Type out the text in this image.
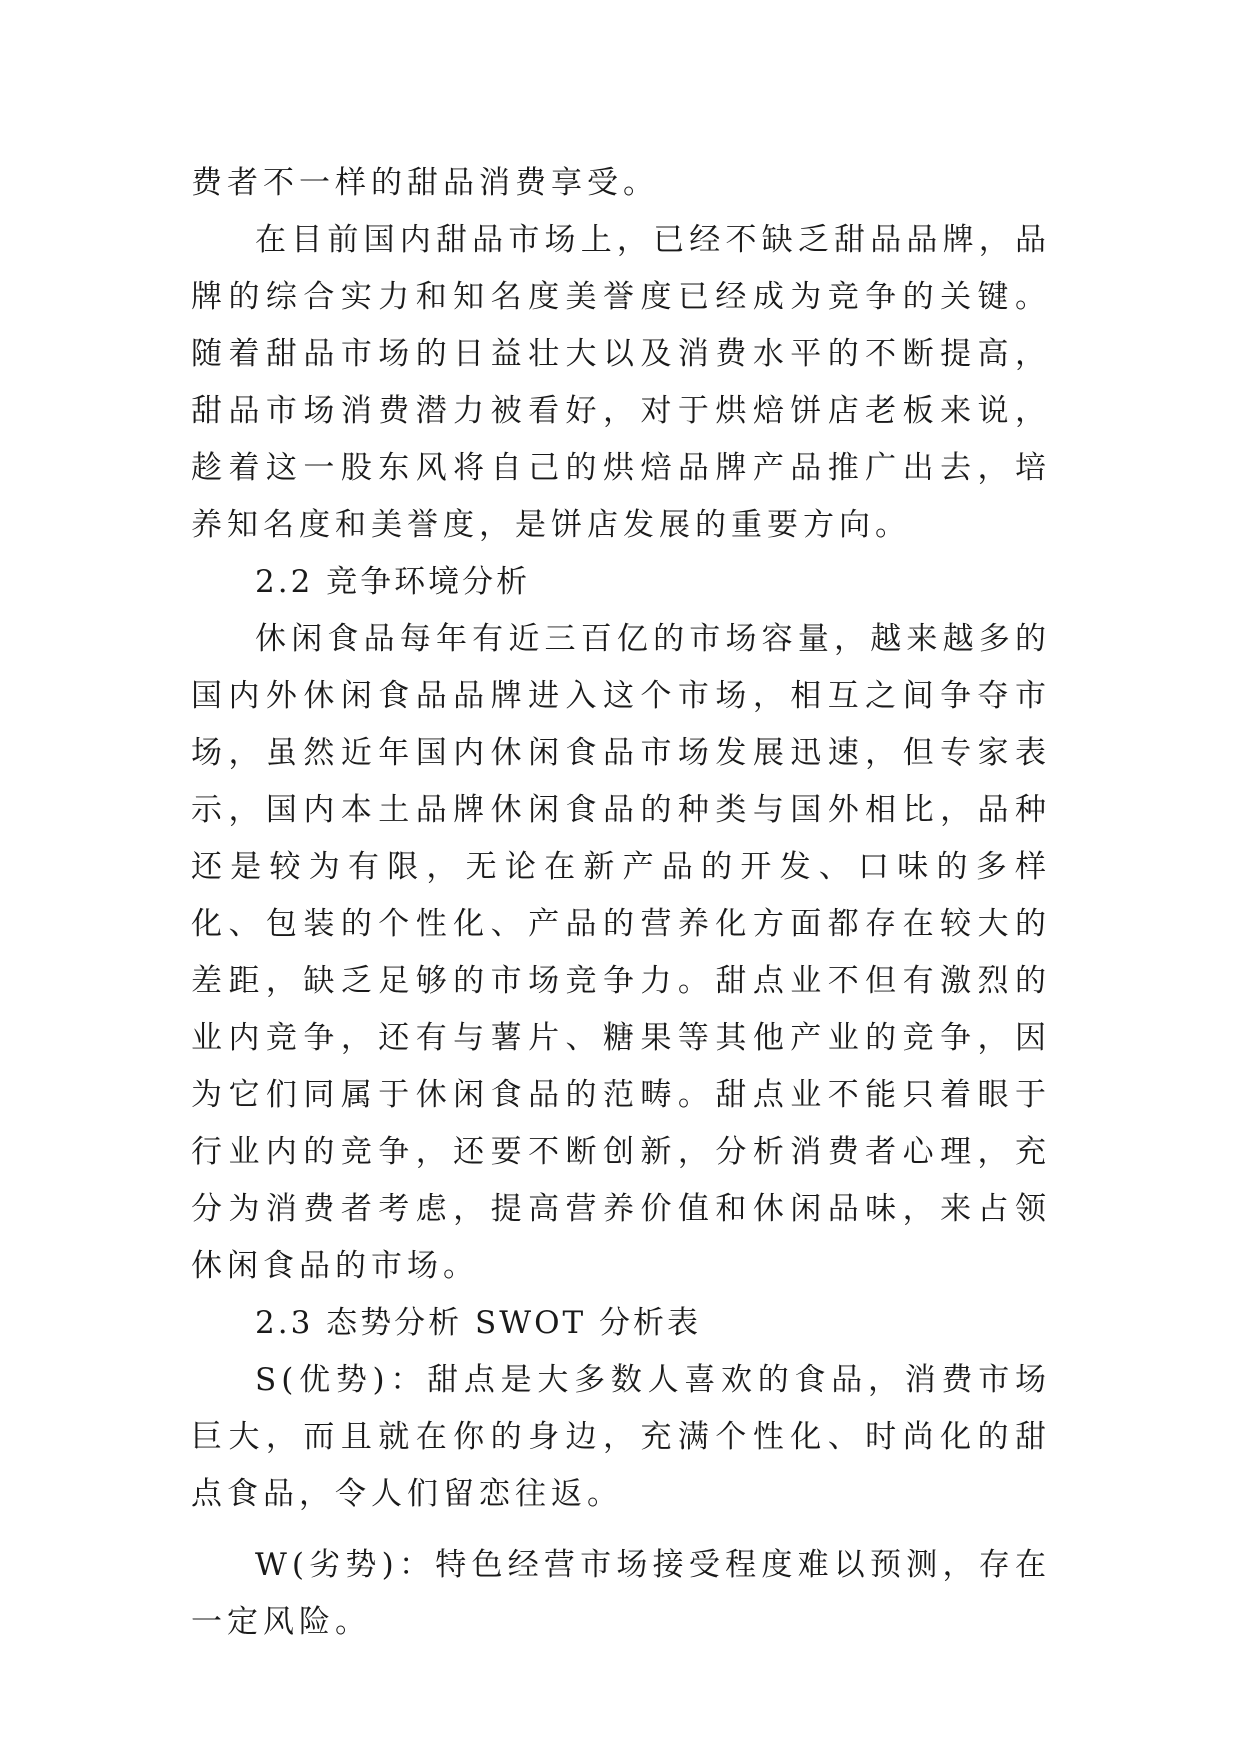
费者不一样的甜品消费享受。

在目前国内甜品市场上，已经不缺乏甜品品牌，品牌的综合实力和知名度美誉度已经成为竞争的关键。随着甜品市场的日益壮大以及消费水平的不断提高，甜品市场消费潜力被看好，对于烘焙饼店老板来说，趁着这一股东风将自己的烘焙品牌产品推广出去，培养知名度和美誉度，是饼店发展的重要方向。

2.2 竞争环境分析

休闲食品每年有近三百亿的市场容量，越来越多的国内外休闲食品品牌进入这个市场，相互之间争夺市场，虽然近年国内休闲食品市场发展迅速，但专家表示，国内本土品牌休闲食品的种类与国外相比，品种还是较为有限，无论在新产品的开发、口味的多样化、包装的个性化、产品的营养化方面都存在较大的差距，缺乏足够的市场竞争力。甜点业不但有激烈的业内竞争，还有与薯片、糖果等其他产业的竞争，因为它们同属于休闲食品的范畴。甜点业不能只着眼于行业内的竞争，还要不断创新，分析消费者心理，充分为消费者考虑，提高营养价值和休闲品味，来占领休闲食品的市场。

2.3 态势分析 SWOT 分析表

S(优势)：甜点是大多数人喜欢的食品，消费市场巨大，而且就在你的身边，充满个性化、时尚化的甜点食品，令人们留恋往返。

W(劣势)：特色经营市场接受程度难以预测，存在一定风险。
